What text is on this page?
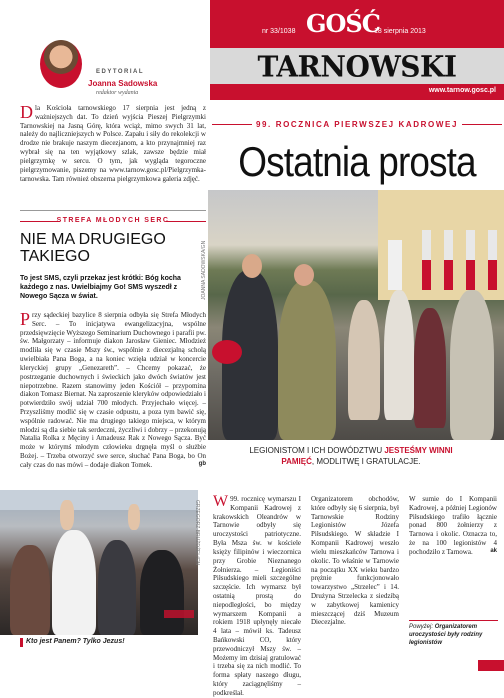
nr 33/1038 GOŚĆ
18 sierpnia 2013
TARNOWSKI
www.tarnow.gosc.pl
EDYTORIAL
Joanna Sadowska
redaktor wydania
Dla Kościoła tarnowskiego 17 sierpnia jest jedną z ważniejszych dat. To dzień wyjścia Pieszej Pielgrzymki Tarnowskiej na Jasną Górę, która wciąż, mimo swych 31 lat, należy do najliczniejszych w Polsce. Zapału i siły do rekolekcji w drodze nie brakuje naszym diecezjanom, a kto przynajmniej raz wybrał się na ten wyjątkowy szlak, zawsze będzie miał pielgrzymkę w sercu. O tym, jak wygląda tegoroczne pielgrzymowanie, piszemy na www.tarnow.gosc.pl/Pielgrzymka-tarnowska. Tam również obszerna pielgrzymkowa galeria zdjęć.
STREFA MŁODYCH SERC
NIE MA DRUGIEGO TAKIEGO
To jest SMS, czyli przekaz jest krótki: Bóg kocha każdego z nas. Uwielbiajmy Go! SMS wyszedł z Nowego Sącza w świat.
Przy sądeckiej bazylice 8 sierpnia odbyła się Strefa Młodych Serc. – To inicjatywa ewangelizacyjna, wspólne przedsięwzięcie Wyższego Seminarium Duchownego i parafii pw. św. Małgorzaty – informuje diakon Jarosław Gieniec. Młodzież modliła się w czasie Mszy św., wspólnie z diecezjalną scholą uwielbiała Pana Boga, a na koniec wzięła udział w koncercie kleryckiej grupy „Genezareth”. – Chcemy pokazać, że postrzeganie duchownych i świeckich jako dwóch światów jest niepotrzebne. Razem stanowimy jeden Kościół – przypomina diakon Tomasz Biernat. Na zaproszenie kleryków odpowiedziało i potwierdziło swój udział 700 młodych. Przyjechało więcej. – Przyszliśmy modlić się w czasie odpustu, a poza tym bawić się, wspólnie radować. Nie ma drugiego takiego miejsca, w którym młodzi są dla siebie tak serdeczni, życzliwi i dobrzy – przekonują Natalia Rolka z Męciny i Amadeusz Rak z Nowego Sącza. Być może w którymś młodym człowieku drgnęła myśl o służbie Bożej. – Trzeba otworzyć swe serce, słuchać Pana Boga, bo On cały czas do nas mówi – dodaje diakon Tomek.	gb
GRZEGORZ BRUŻDŻEL/GN
Kto jest Panem? Tylko Jezus!
99. ROCZNICA PIERWSZEJ KADROWEJ
Ostatnia prosta
JOANNA SADOWSKA/GN
LEGIONISTOM I ICH DOWÓDZTWU JESTEŚMY WINNI PAMIĘĆ, MODLITWĘ I GRATULACJE.
W 99. rocznicę wymarszu I Kompanii Kadrowej z krakowskich Oleandrów w Tarnowie odbyły się uroczystości patriotyczne. Była Msza św. w kościele księży filipinów i wieczornica przy Grobie Nieznanego Żołnierza. – Legioniści Piłsudskiego mieli szczególne szczęście. Ich wymarsz był ostatnią prostą do niepodległości, bo między wymarszem Kompanii a rokiem 1918 upłynęły niecałe 4 lata – mówił ks. Tadeusz Bańkowski CO, który przewodniczył Mszy św. – Możemy im dzisiaj gratulować i trzeba się za nich modlić. To forma spłaty naszego długu, który zaciągnęliśmy – podkreślał.
Organizatorem obchodów, które odbyły się 6 sierpnia, był Tarnowskie Rodziny Legionistów Józefa Piłsudskiego. W składzie I Kompanii Kadrowej weszło wielu mieszkańców Tarnowa i okolic. To właśnie w Tarnowie na początku XX wieku bardzo prężnie funkcjonowało towarzystwo „Strzelec” i 14. Drużyna Strzelecka z siedzibą w zabytkowej kamienicy mieszczącej dziś Muzeum Diecezjalne.
W sumie do I Kompanii Kadrowej, a później Legionów Piłsudskiego trafiło łącznie ponad 800 żołnierzy z Tarnowa i okolic. Oznacza to, że na 100 legionistów 4 pochodziło z Tarnowa.	ak
Powyżej: Organizatorem uroczystości były rodziny legionistów
